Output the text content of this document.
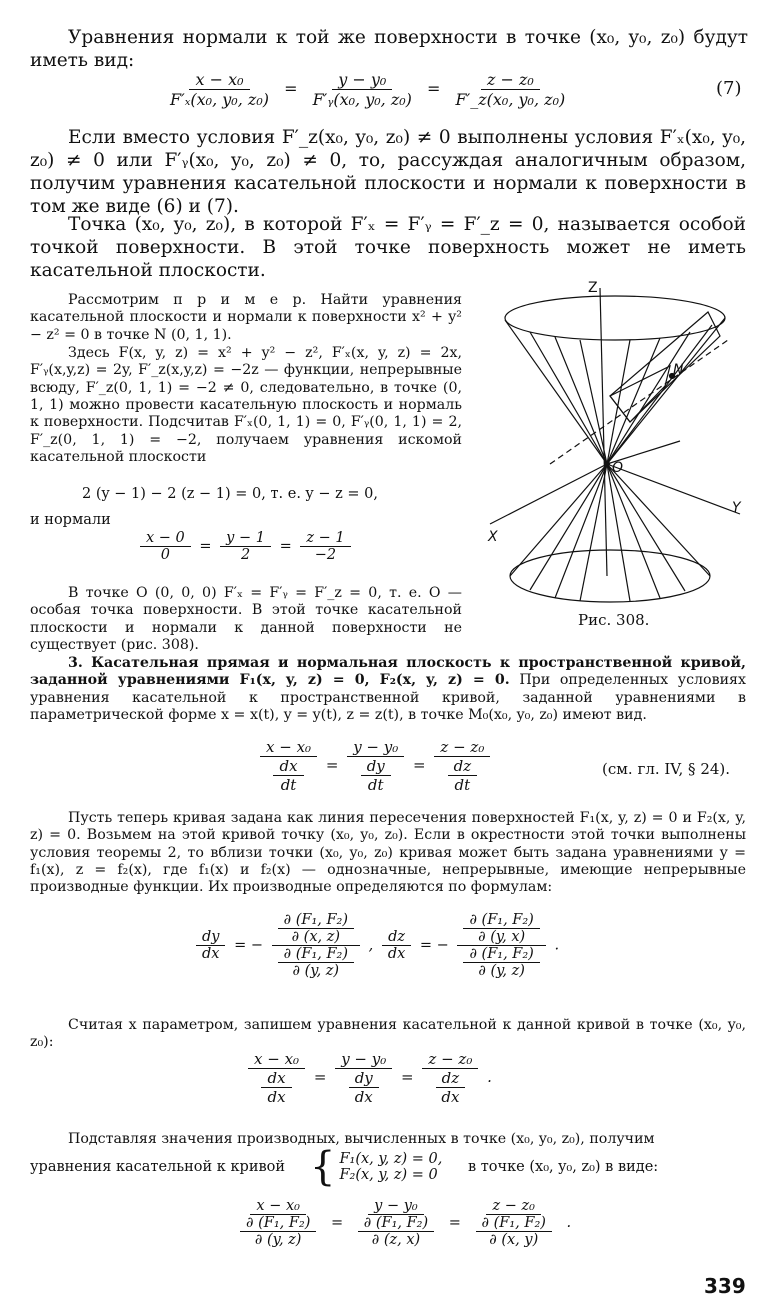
Уравнения нормали к той же поверхности в точке (x₀, y₀, z₀) будут иметь вид:

$\frac{\text{x − x₀}}{\text{F′ₓ(x₀, y₀, z₀)}} = \frac{\text{y − y₀}}{\text{F′ᵧ(x₀, y₀, z₀)}} = \frac{\text{z − z₀}}{\text{F′\_z(x₀, y₀, z₀)}}$	(7)

Если вместо условия F′_z(x₀, y₀, z₀) ≠ 0 выполнены условия F′ₓ(x₀, y₀, z₀) ≠ 0 или F′ᵧ(x₀, y₀, z₀) ≠ 0, то, рассуждая аналогичным образом, получим уравнения касательной плоскости и нормали к поверхности в том же виде (6) и (7).

Точка (x₀, y₀, z₀), в которой F′ₓ = F′ᵧ = F′_z = 0, называется особой точкой поверхности. В этой точке поверхность может не иметь касательной плоскости.

Рассмотрим п р и м е р. Найти уравнения касательной плоскости и нормали к поверхности x² + y² − z² = 0 в точке N (0, 1, 1).

Здесь F(x, y, z) = x² + y² − z², F′ₓ(x, y, z) = 2x, F′ᵧ(x,y,z) = 2y, F′_z(x,y,z) = −2z — функции, непрерывные всюду, F′_z(0, 1, 1) = −2 ≠ 0, следовательно, в точке (0, 1, 1) можно провести касательную плоскость и нормаль к поверхности. Подсчитав F′ₓ(0, 1, 1) = 0, F′ᵧ(0, 1, 1) = 2, F′_z(0, 1, 1) = −2, получаем уравнения искомой касательной плоскости

2 (y − 1) − 2 (z − 1) = 0, т. е. y − z = 0,
и нормали
$\frac{x - 0}{0} = \frac{y - 1}{2} = \frac{z - 1}{-2}$

В точке O (0, 0, 0) F′ₓ = F′ᵧ = F′_z = 0, т. е. O — особая точка поверхности. В этой точке касательной плоскости и нормали к данной поверхности не существует (рис. 308).

Z
X
Y
N
O
Рис. 308.

3. Касательная прямая и нормальная плоскость к пространственной кривой, заданной уравнениями F₁(x, y, z) = 0, F₂(x, y, z) = 0. При определенных условиях уравнения касательной к пространственной кривой, заданной уравнениями в параметрической форме x = x(t), y = y(t), z = z(t), в точке M₀(x₀, y₀, z₀) имеют вид.

$\frac{\text{x − x₀}}{\frac{dx}{dt}} = \frac{\text{y − y₀}}{\frac{dy}{dt}} = \frac{\text{z − z₀}}{\frac{dz}{dt}}$	(см. гл. IV, § 24).

Пусть теперь кривая задана как линия пересечения поверхностей F₁(x, y, z) = 0 и F₂(x, y, z) = 0. Возьмем на этой кривой точку (x₀, y₀, z₀). Если в окрестности этой точки выполнены условия теоремы 2, то вблизи точки (x₀, y₀, z₀) кривая может быть задана уравнениями y = f₁(x), z = f₂(x), где f₁(x) и f₂(x) — однозначные, непрерывные, имеющие непрерывные производные функции. Их производные определяются по формулам:

$\frac{dy}{dx}$ = − $\frac{\frac{\text{∂ (F₁, F₂)}}{\partial (x, z)}}{\frac{\text{∂ (F₁, F₂)}}{\partial (y, z)}}$ , $\frac{dz}{dx}$ = − $\frac{\frac{\text{∂ (F₁, F₂)}}{\partial (y, x)}}{\frac{\text{∂ (F₁, F₂)}}{\partial (y, z)}}$ .

Считая x параметром, запишем уравнения касательной к данной кривой в точке (x₀, y₀, z₀):

$\frac{\text{x − x₀}}{\frac{dx}{dx}} = \frac{\text{y − y₀}}{\frac{dy}{dx}} = \frac{\text{z − z₀}}{\frac{dz}{dx}}$ .

Подставляя значения производных, вычисленных в точке (x₀, y₀, z₀), получим

уравнения касательной к кривой { F₁(x, y, z) = 0,
F₂(x, y, z) = 0	в точке (x₀, y₀, z₀) в виде:
$\frac{\text{x − x₀}}{\frac{\text{∂ (F₁, F₂)}}{\partial (y, z)}} = \frac{\text{y − y₀}}{\frac{\text{∂ (F₁, F₂)}}{\partial (z, x)}} = \frac{\text{z − z₀}}{\frac{\text{∂ (F₁, F₂)}}{\partial (x, y)}}$ .
339
